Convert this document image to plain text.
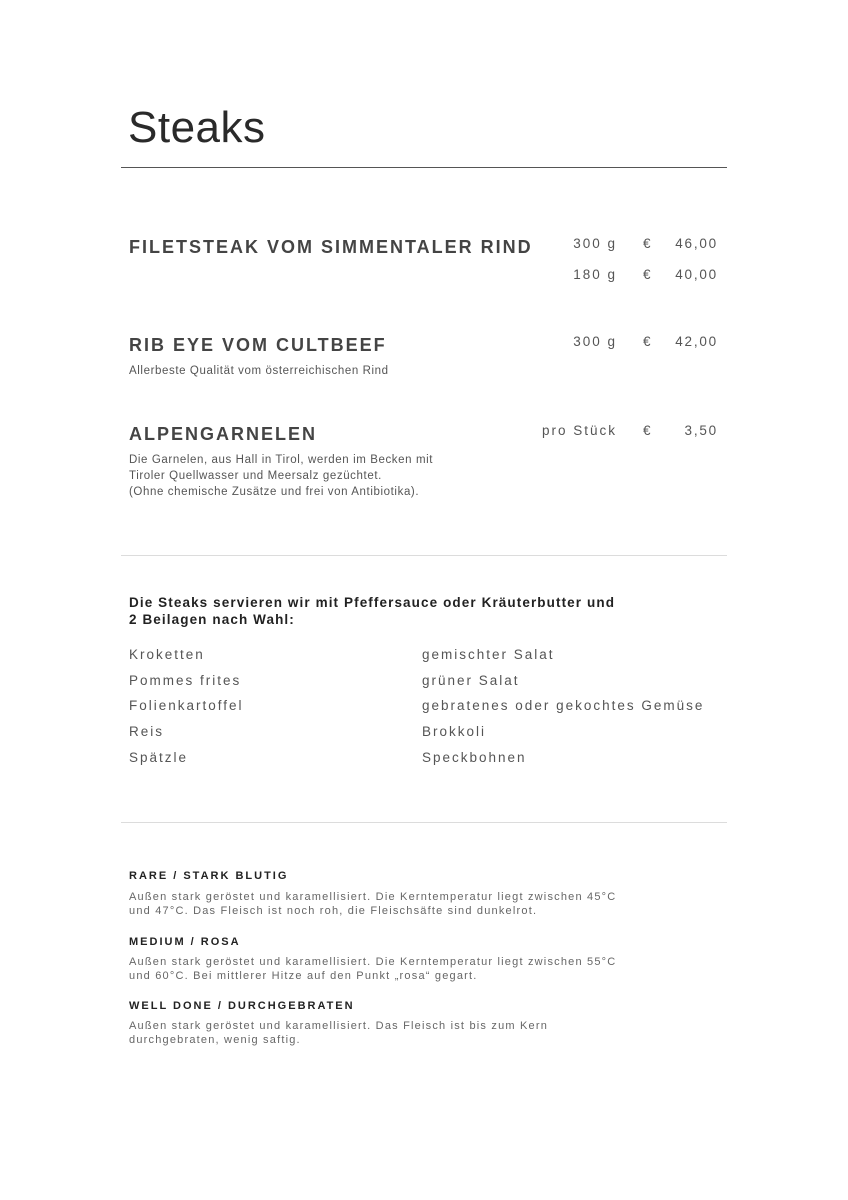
Steaks
FILETSTEAK VOM SIMMENTALER RIND	300 g € 46,00
180 g € 40,00
RIB EYE VOM CULTBEEF	300 g € 42,00

Allerbeste Qualität vom österreichischen Rind

ALPENGARNELEN	pro Stück €	3,50

Die Garnelen, aus Hall in Tirol, werden im Becken mit

Tiroler Quellwasser und Meersalz gezüchtet.

(Ohne chemische Zusätze und frei von Antibiotika).

Die Steaks servieren wir mit Pfeffersauce oder Kräuterbutter und
2 Beilagen nach Wahl:

Kroketten
Pommes frites
Folienkartoffel
Reis
Spätzle
gemischter Salat
grüner Salat
gebratenes oder gekochtes Gemüse
Brokkoli
Speckbohnen
RARE / STARK BLUTIG

Außen stark geröstet und karamellisiert. Die Kerntemperatur liegt zwischen 45°C

und 47°C. Das Fleisch ist noch roh, die Fleischsäfte sind dunkelrot.

MEDIUM / ROSA

Außen stark geröstet und karamellisiert. Die Kerntemperatur liegt zwischen 55°C

und 60°C. Bei mittlerer Hitze auf den Punkt „rosa“ gegart.

WELL DONE / DURCHGEBRATEN

Außen stark geröstet und karamellisiert. Das Fleisch ist bis zum Kern

durchgebraten, wenig saftig.
